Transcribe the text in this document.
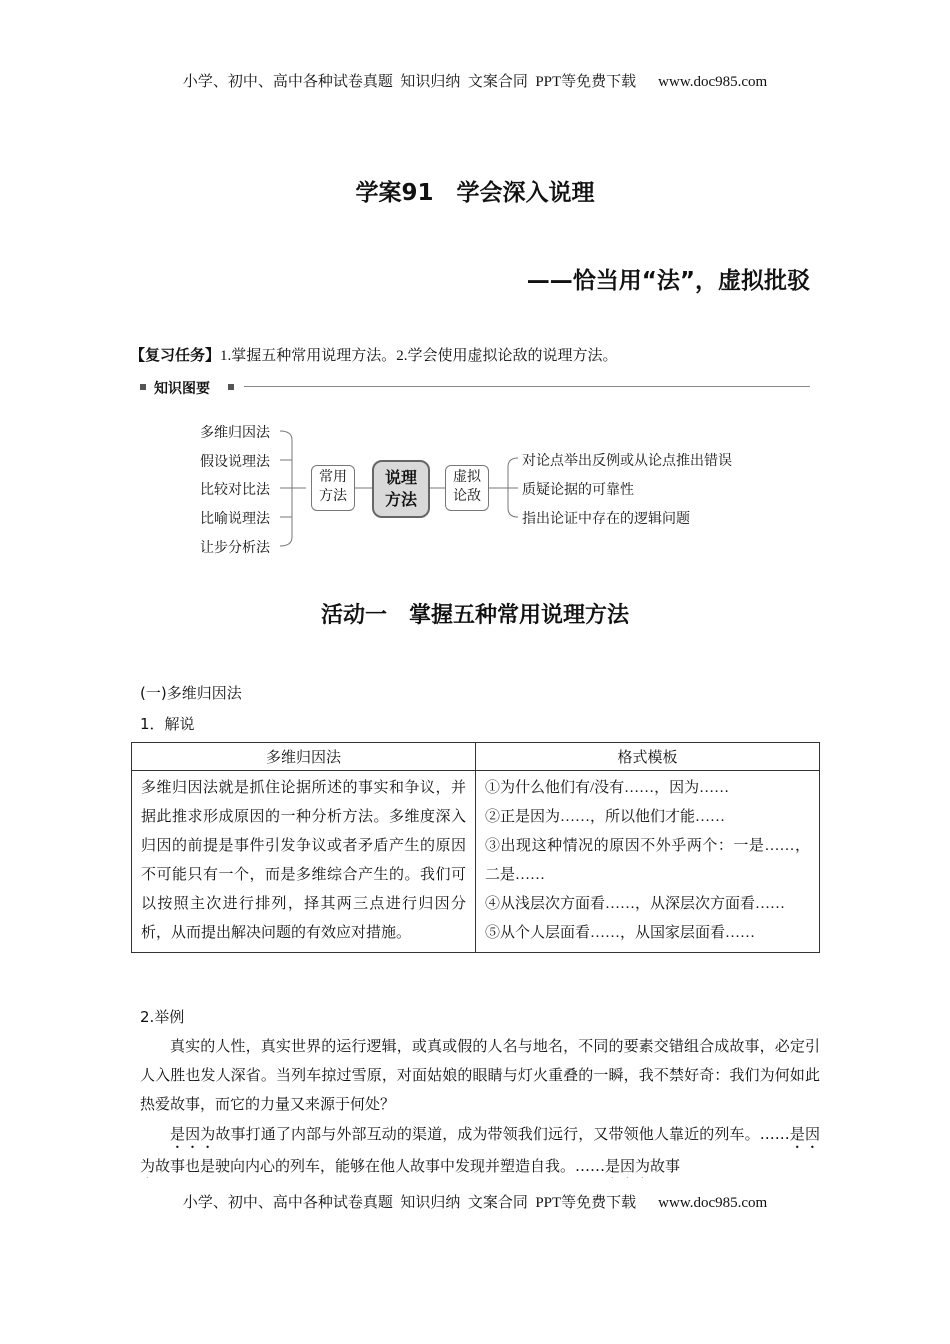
小学、初中、高中各种试卷真题  知识归纳  文案合同  PPT等免费下载 www.doc985.com
学案91　学会深入说理
——恰当用“法”，虚拟批驳
【复习任务】1.掌握五种常用说理方法。2.学会使用虚拟论敌的说理方法。
知识图要
多维归因法
假设说理法
比较对比法
比喻说理法
让步分析法
常用
方法
说理
方法
虚拟
论敌
对论点举出反例或从论点推出错误
质疑论据的可靠性
指出论证中存在的逻辑问题
活动一　掌握五种常用说理方法
(一)多维归因法
1．解说
多维归因法	格式模板
多维归因法就是抓住论据所述的事实和争议，并据此推求形成原因的一种分析方法。多维度深入归因的前提是事件引发争议或者矛盾产生的原因不可能只有一个，而是多维综合产生的。我们可以按照主次进行排列，择其两三点进行归因分析，从而提出解决问题的有效应对措施。	①为什么他们有/没有……，因为……
②正是因为……，所以他们才能……
③出现这种情况的原因不外乎两个：一是……，二是……
④从浅层次方面看……，从深层次方面看……
⑤从个人层面看……，从国家层面看……
2.举例
真实的人性，真实世界的运行逻辑，或真或假的人名与地名，不同的要素交错组合成故事，必定引人入胜也发人深省。当列车掠过雪原，对面姑娘的眼睛与灯火重叠的一瞬，我不禁好奇：我们为何如此热爱故事，而它的力量又来源于何处？
是因为故事打通了内部与外部互动的渠道，成为带领我们远行，又带领他人靠近的列车。……是因为故事也是驶向内心的列车，能够在他人故事中发现并塑造自我。……是因为故事
小学、初中、高中各种试卷真题  知识归纳  文案合同  PPT等免费下载 www.doc985.com
